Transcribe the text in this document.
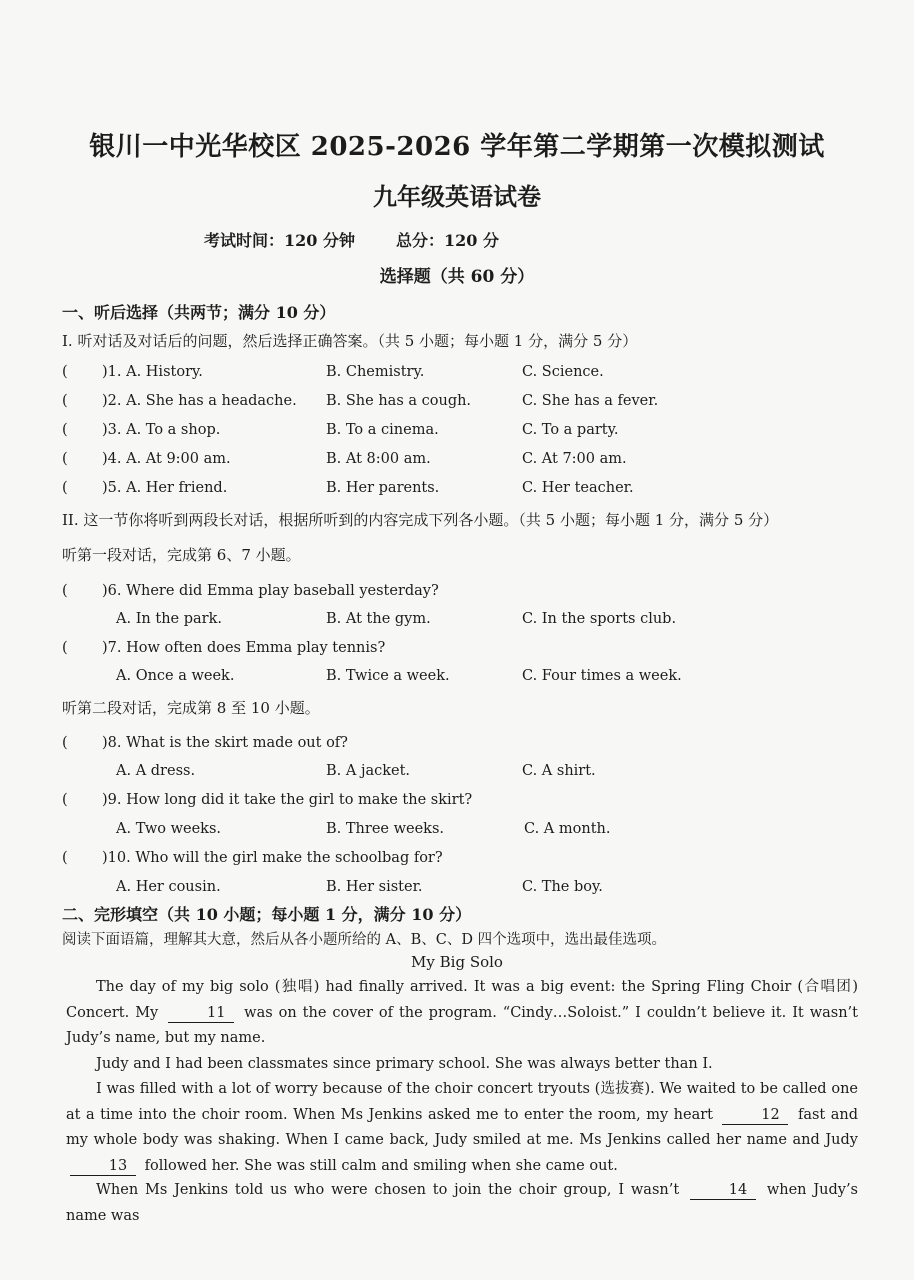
银川一中光华校区 2025-2026 学年第二学期第一次模拟测试
九年级英语试卷
考试时间：120 分钟	总分：120 分
选择题（共 60 分）
一、听后选择（共两节；满分 10 分）
I. 听对话及对话后的问题，然后选择正确答案。（共 5 小题；每小题 1 分，满分 5 分）
( )1. A. History.	B. Chemistry.	C. Science.
( )2. A. She has a headache. B. She has a cough.	C. She has a fever.
( )3. A. To a shop.	B. To a cinema.	C. To a party.
( )4. A. At 9:00 am.	B. At 8:00 am.	C. At 7:00 am.
( )5. A. Her friend.	B. Her parents.	C. Her teacher.
II. 这一节你将听到两段长对话，根据所听到的内容完成下列各小题。（共 5 小题；每小题 1 分，满分 5 分）
听第一段对话，完成第 6、7 小题。
( )6. Where did Emma play baseball yesterday?
A. In the park.	B. At the gym.	C. In the sports club.
( )7. How often does Emma play tennis?
A. Once a week.	B. Twice a week.	C. Four times a week.
听第二段对话，完成第 8 至 10 小题。
( )8. What is the skirt made out of?
A. A dress.	B. A jacket.	C. A shirt.
( )9. How long did it take the girl to make the skirt?
A. Two weeks.	B. Three weeks.	C. A month.
( )10. Who will the girl make the schoolbag for?
A. Her cousin.	B. Her sister.	C. The boy.
二、完形填空（共 10 小题；每小题 1 分，满分 10 分）
阅读下面语篇，理解其大意，然后从各小题所给的 A、B、C、D 四个选项中，选出最佳选项。
My Big Solo
The day of my big solo (独唱) had finally arrived. It was a big event: the Spring Fling Choir (合唱团) Concert. My	11 was on the cover of the program. “Cindy…Soloist.” I couldn’t believe it. It wasn’t Judy’s name, but my name.
Judy and I had been classmates since primary school. She was always better than I.
I was filled with a lot of worry because of the choir concert tryouts (选拔赛). We waited to be called one at a time into the choir room. When Ms Jenkins asked me to enter the room, my heart	12 fast and my whole body was shaking. When I came back, Judy smiled at me. Ms Jenkins called her name and Judy 13 followed her. She was still calm and smiling when she came out.
When Ms Jenkins told us who were chosen to join the choir group, I wasn’t	14 when Judy’s name was
